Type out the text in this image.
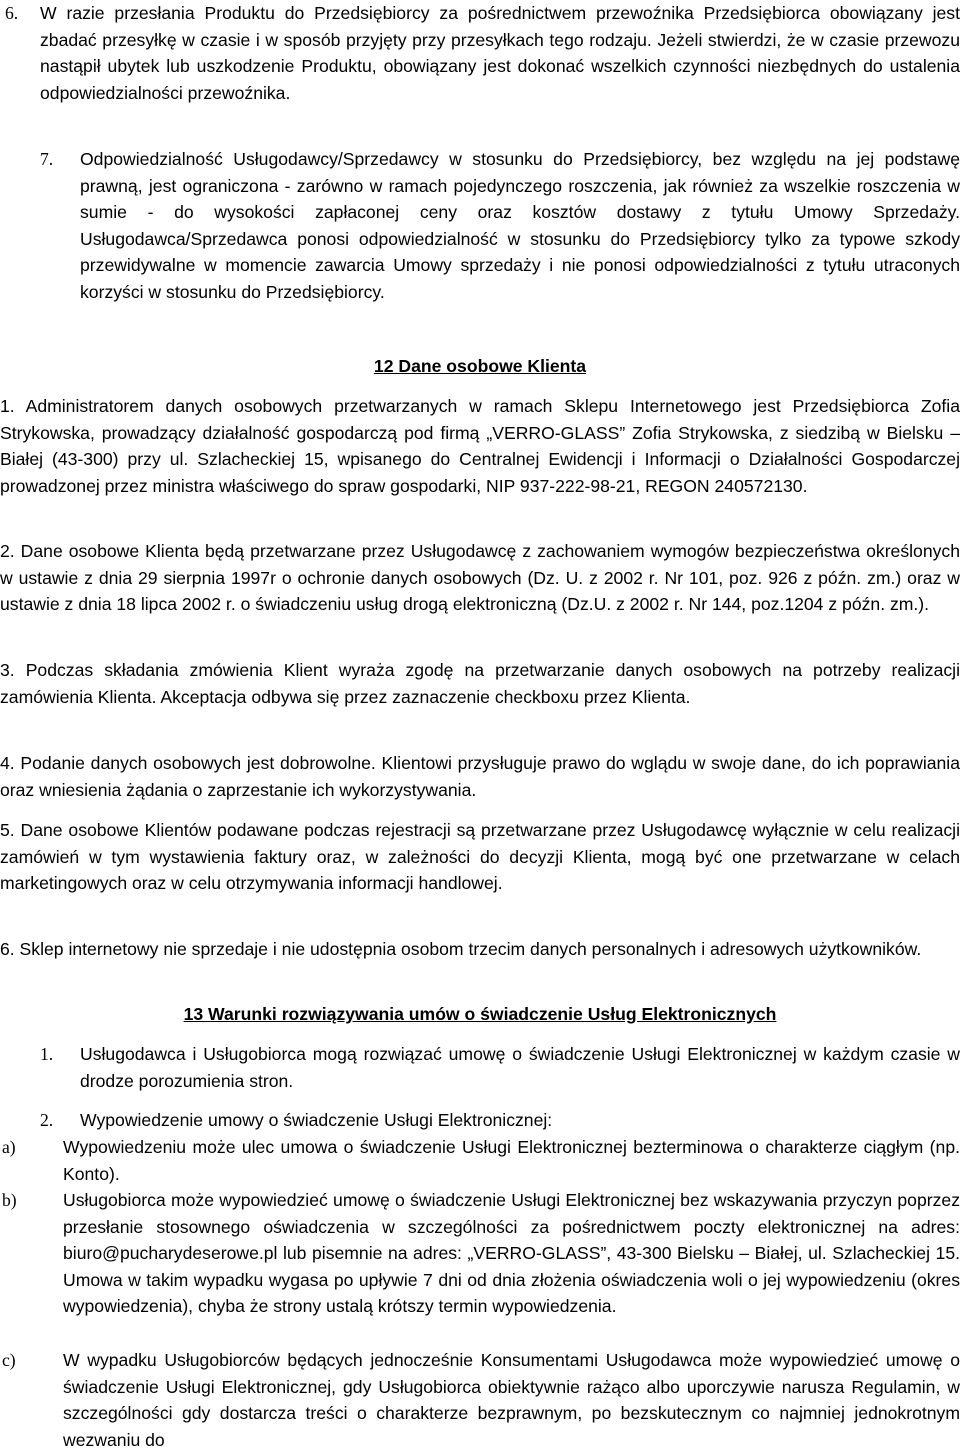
6.	W razie przesłania Produktu do Przedsiębiorcy za pośrednictwem przewoźnika Przedsiębiorca obowiązany jest zbadać przesyłkę w czasie i w sposób przyjęty przy przesyłkach tego rodzaju. Jeżeli stwierdzi, że w czasie przewozu nastąpił ubytek lub uszkodzenie Produktu, obowiązany jest dokonać wszelkich czynności niezbędnych do ustalenia odpowiedzialności przewoźnika.
7.	Odpowiedzialność Usługodawcy/Sprzedawcy w stosunku do Przedsiębiorcy, bez względu na jej podstawę prawną, jest ograniczona - zarówno w ramach pojedynczego roszczenia, jak również za wszelkie roszczenia w sumie - do wysokości zapłaconej ceny oraz kosztów dostawy z tytułu Umowy Sprzedaży. Usługodawca/Sprzedawca ponosi odpowiedzialność w stosunku do Przedsiębiorcy tylko za typowe szkody przewidywalne w momencie zawarcia Umowy sprzedaży i nie ponosi odpowiedzialności z tytułu utraconych korzyści w stosunku do Przedsiębiorcy.
12 Dane osobowe Klienta
1. Administratorem danych osobowych przetwarzanych w ramach Sklepu Internetowego jest Przedsiębiorca Zofia Strykowska, prowadzący działalność gospodarczą pod firmą „VERRO-GLASS” Zofia Strykowska, z siedzibą w Bielsku – Białej (43-300) przy ul. Szlacheckiej 15, wpisanego do Centralnej Ewidencji i Informacji o Działalności Gospodarczej prowadzonej przez ministra właściwego do spraw gospodarki, NIP 937-222-98-21, REGON 240572130.
2. Dane osobowe Klienta będą przetwarzane przez Usługodawcę z zachowaniem wymogów bezpieczeństwa określonych w ustawie z dnia 29 sierpnia 1997r o ochronie danych osobowych (Dz. U. z 2002 r. Nr 101, poz. 926 z późn. zm.) oraz w ustawie z dnia 18 lipca 2002 r. o świadczeniu usług drogą elektroniczną (Dz.U. z 2002 r. Nr 144, poz.1204 z późn. zm.).
3. Podczas składania zmówienia Klient wyraża zgodę na przetwarzanie danych osobowych na potrzeby realizacji zamówienia Klienta. Akceptacja odbywa się przez zaznaczenie checkboxu przez Klienta.
4. Podanie danych osobowych jest dobrowolne. Klientowi przysługuje prawo do wglądu w swoje dane, do ich poprawiania oraz wniesienia żądania o zaprzestanie ich wykorzystywania.
5. Dane osobowe Klientów podawane podczas rejestracji są przetwarzane przez Usługodawcę wyłącznie w celu realizacji zamówień w tym wystawienia faktury oraz, w zależności do decyzji Klienta, mogą być one przetwarzane w celach marketingowych oraz w celu otrzymywania informacji handlowej.
6. Sklep internetowy nie sprzedaje i nie udostępnia osobom trzecim danych personalnych i adresowych użytkowników.
13 Warunki rozwiązywania umów o świadczenie Usług Elektronicznych
1.	Usługodawca i Usługobiorca mogą rozwiązać umowę o świadczenie Usługi Elektronicznej w każdym czasie w drodze porozumienia stron.
2.	Wypowiedzenie umowy o świadczenie Usługi Elektronicznej:
a)	Wypowiedzeniu może ulec umowa o świadczenie Usługi Elektronicznej bezterminowa o charakterze ciągłym (np. Konto).
b)	Usługobiorca może wypowiedzieć umowę o świadczenie Usługi Elektronicznej bez wskazywania przyczyn poprzez przesłanie stosownego oświadczenia w szczególności za pośrednictwem poczty elektronicznej na adres: biuro@pucharydeserowe.pl lub pisemnie na adres: „VERRO-GLASS”, 43-300 Bielsku – Białej, ul. Szlacheckiej 15. Umowa w takim wypadku wygasa po upływie 7 dni od dnia złożenia oświadczenia woli o jej wypowiedzeniu (okres wypowiedzenia), chyba że strony ustalą krótszy termin wypowiedzenia.
c)	W wypadku Usługobiorców będących jednocześnie Konsumentami Usługodawca może wypowiedzieć umowę o świadczenie Usługi Elektronicznej, gdy Usługobiorca obiektywnie rażąco albo uporczywie narusza Regulamin, w szczególności gdy dostarcza treści o charakterze bezprawnym, po bezskutecznym co najmniej jednokrotnym wezwaniu do
